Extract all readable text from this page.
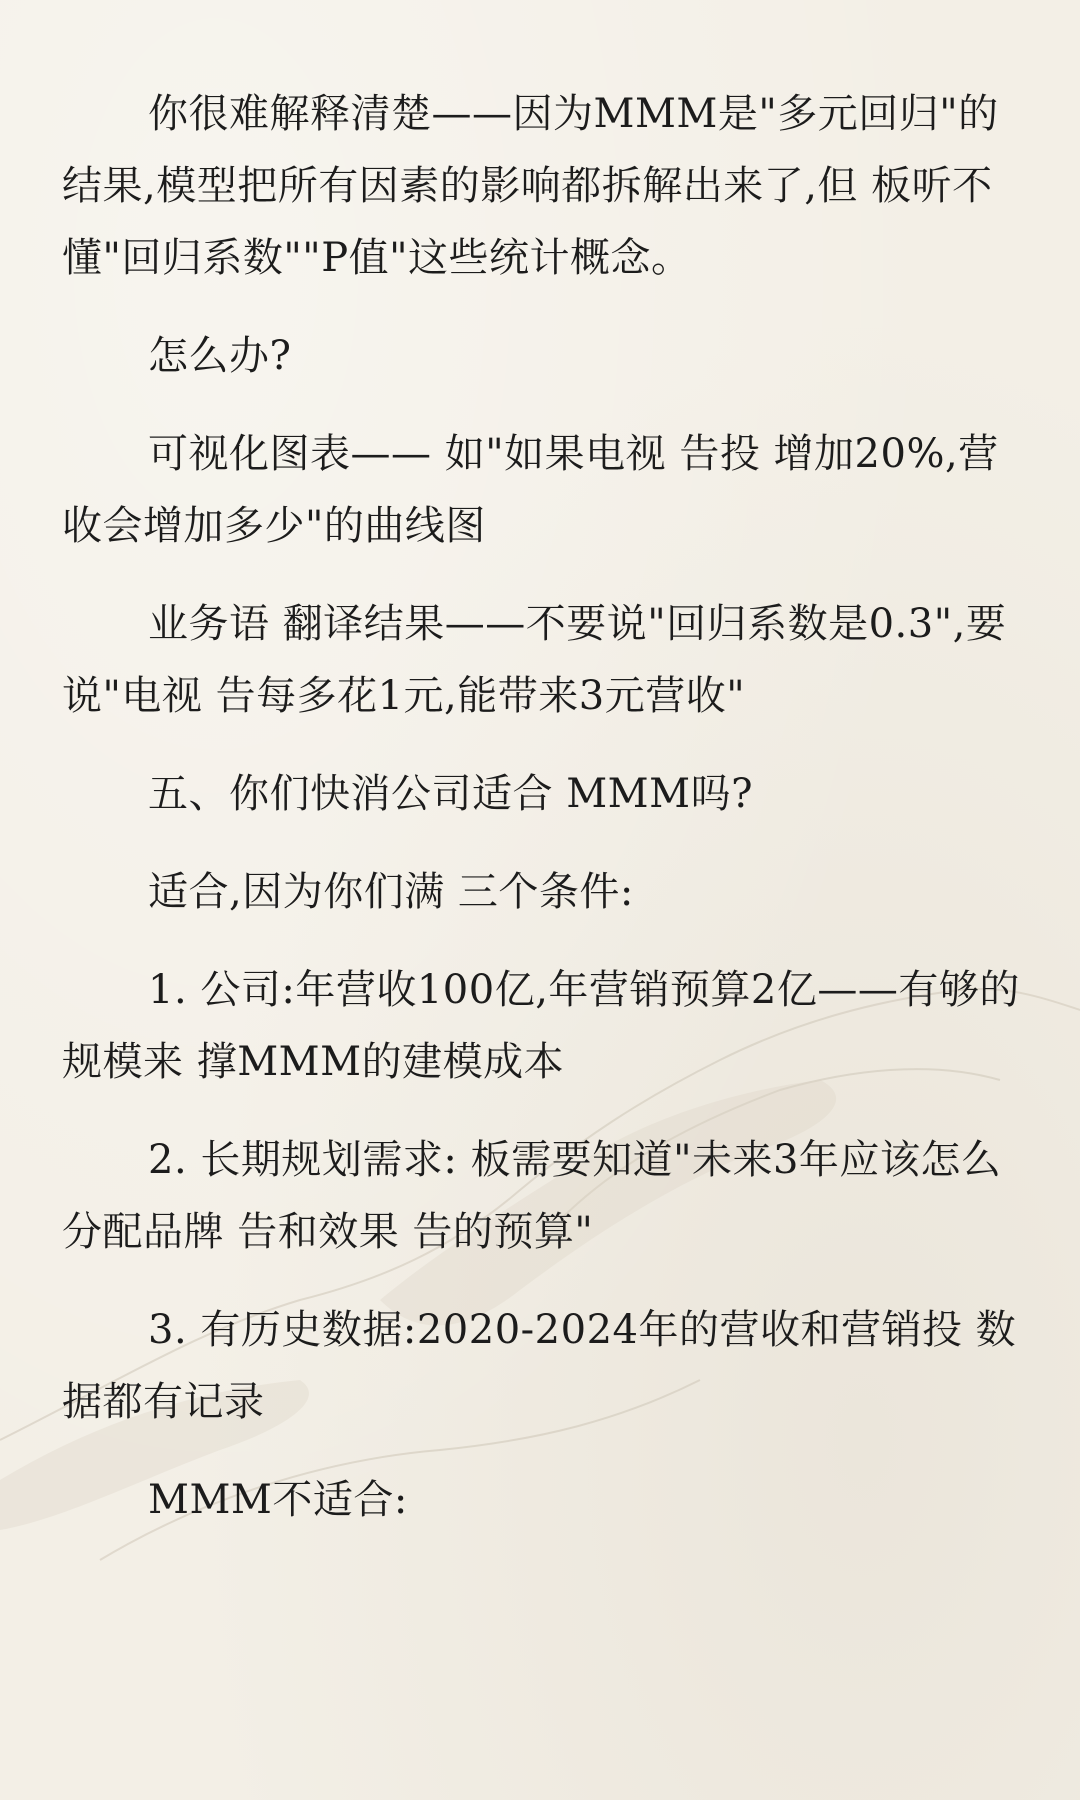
你很难解释清楚——因为MMM是"多元回归"的结果,模型把所有因素的影响都拆解出来了,但 板听不懂"回归系数""P值"这些统计概念。

怎么办?

可视化图表—— 如"如果电视 告投 增加20%,营收会增加多少"的曲线图

业务语 翻译结果——不要说"回归系数是0.3",要说"电视 告每多花1元,能带来3元营收"

五、你们快消公司适合 MMM吗?

适合,因为你们满 三个条件:

1. 公司:年营收100亿,年营销预算2亿——有够的规模来 撑MMM的建模成本

2. 长期规划需求: 板需要知道"未来3年应该怎么分配品牌 告和效果 告的预算"

3. 有历史数据:2020-2024年的营收和营销投 数据都有记录

MMM不适合:
